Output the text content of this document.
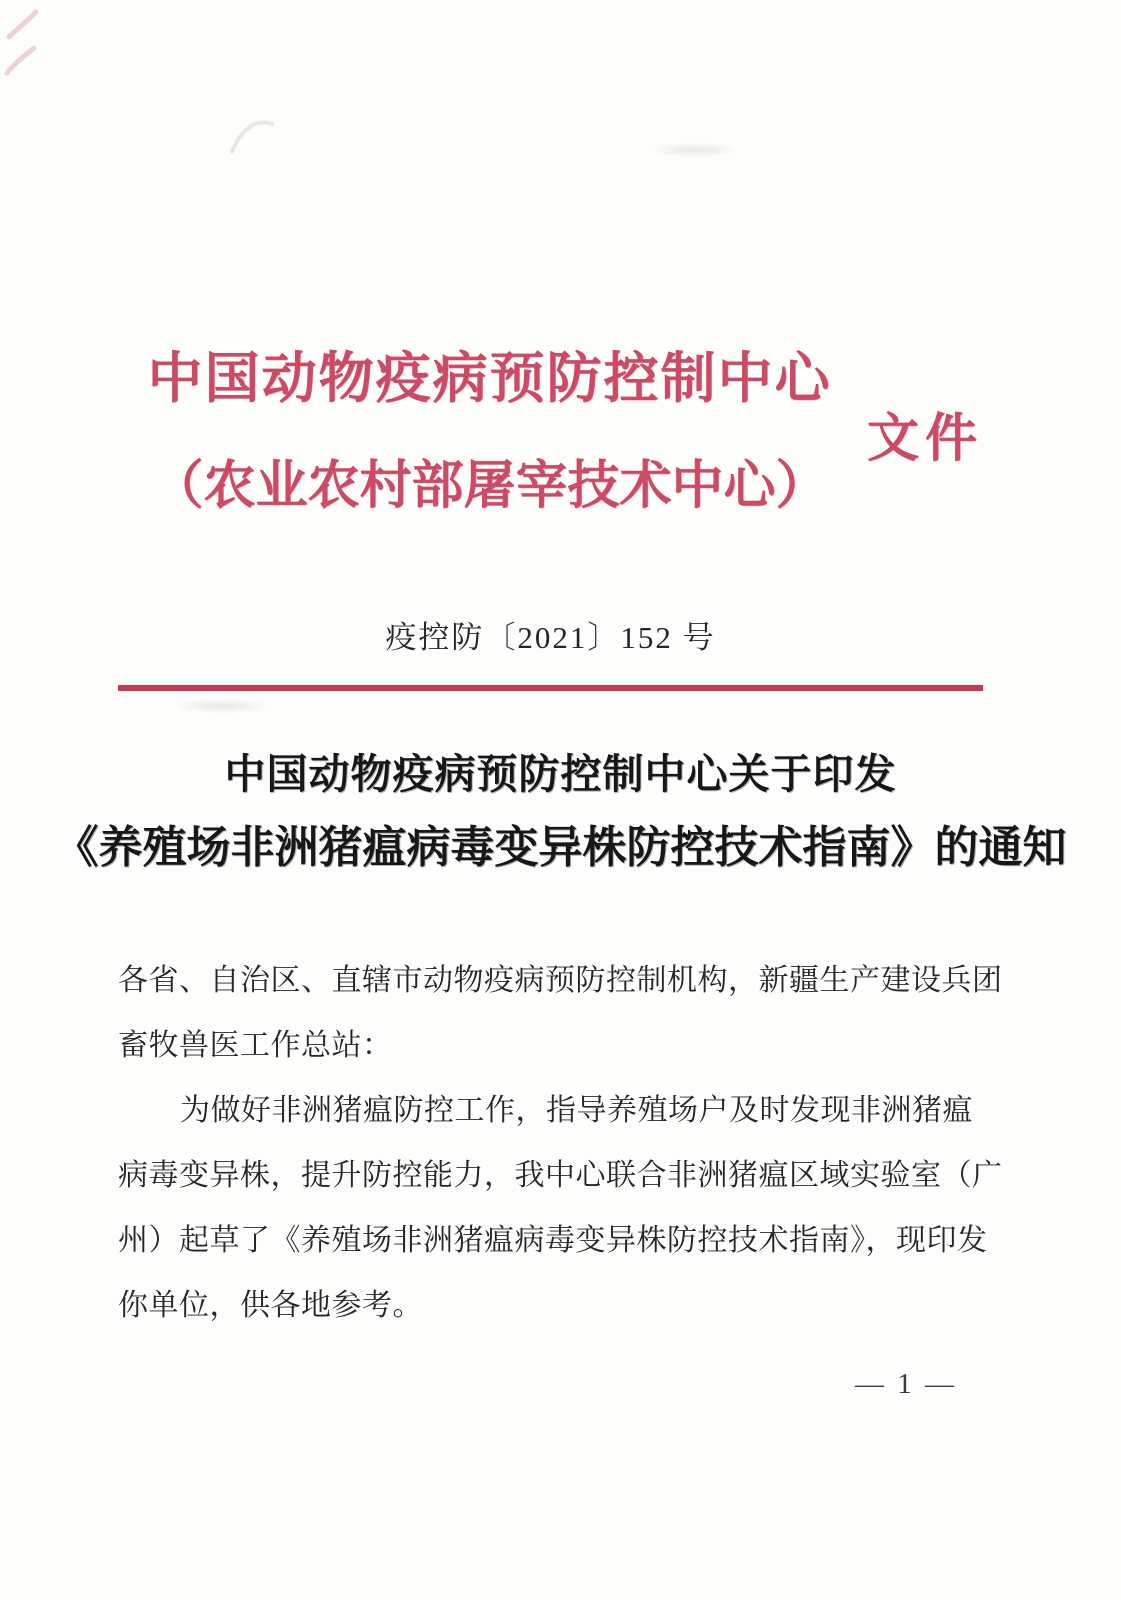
中国动物疫病预防控制中心
（农业农村部屠宰技术中心）
文件
疫控防〔2021〕152 号
中国动物疫病预防控制中心关于印发
《养殖场非洲猪瘟病毒变异株防控技术指南》的通知
各省、自治区、直辖市动物疫病预防控制机构，新疆生产建设兵团
畜牧兽医工作总站：
为做好非洲猪瘟防控工作，指导养殖场户及时发现非洲猪瘟
病毒变异株，提升防控能力，我中心联合非洲猪瘟区域实验室（广
州）起草了《养殖场非洲猪瘟病毒变异株防控技术指南》，现印发
你单位，供各地参考。
— 1 —
